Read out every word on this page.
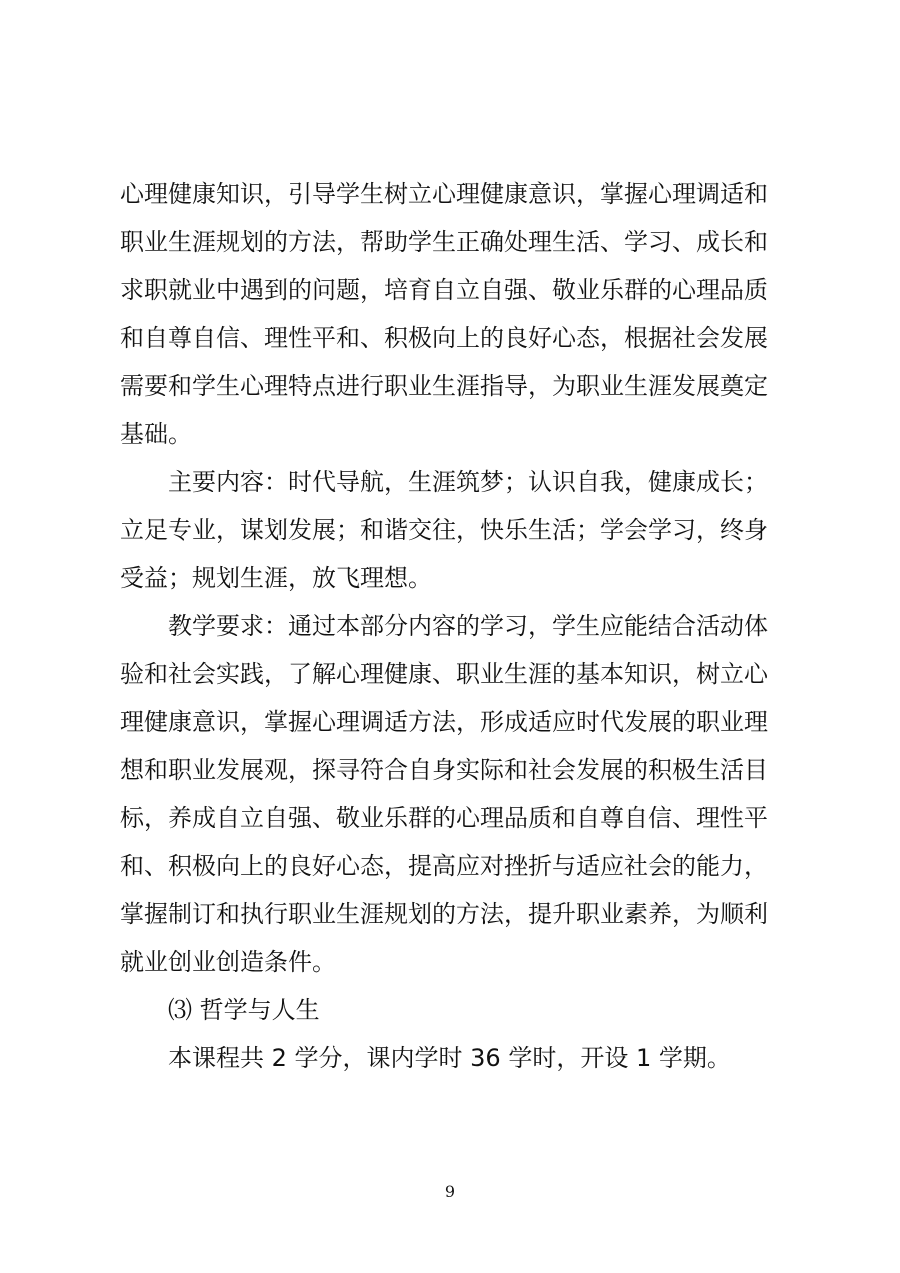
心理健康知识，引导学生树立心理健康意识，掌握心理调适和
职业生涯规划的方法，帮助学生正确处理生活、学习、成长和
求职就业中遇到的问题，培育自立自强、敬业乐群的心理品质
和自尊自信、理性平和、积极向上的良好心态，根据社会发展
需要和学生心理特点进行职业生涯指导，为职业生涯发展奠定
基础。
主要内容：时代导航，生涯筑梦；认识自我，健康成长；
立足专业，谋划发展；和谐交往，快乐生活；学会学习，终身
受益；规划生涯，放飞理想。
教学要求：通过本部分内容的学习，学生应能结合活动体
验和社会实践，了解心理健康、职业生涯的基本知识，树立心
理健康意识，掌握心理调适方法，形成适应时代发展的职业理
想和职业发展观，探寻符合自身实际和社会发展的积极生活目
标，养成自立自强、敬业乐群的心理品质和自尊自信、理性平
和、积极向上的良好心态，提高应对挫折与适应社会的能力，
掌握制订和执行职业生涯规划的方法，提升职业素养，为顺利
就业创业创造条件。
⑶ 哲学与人生
本课程共 2 学分，课内学时 36 学时，开设 1 学期。
9
